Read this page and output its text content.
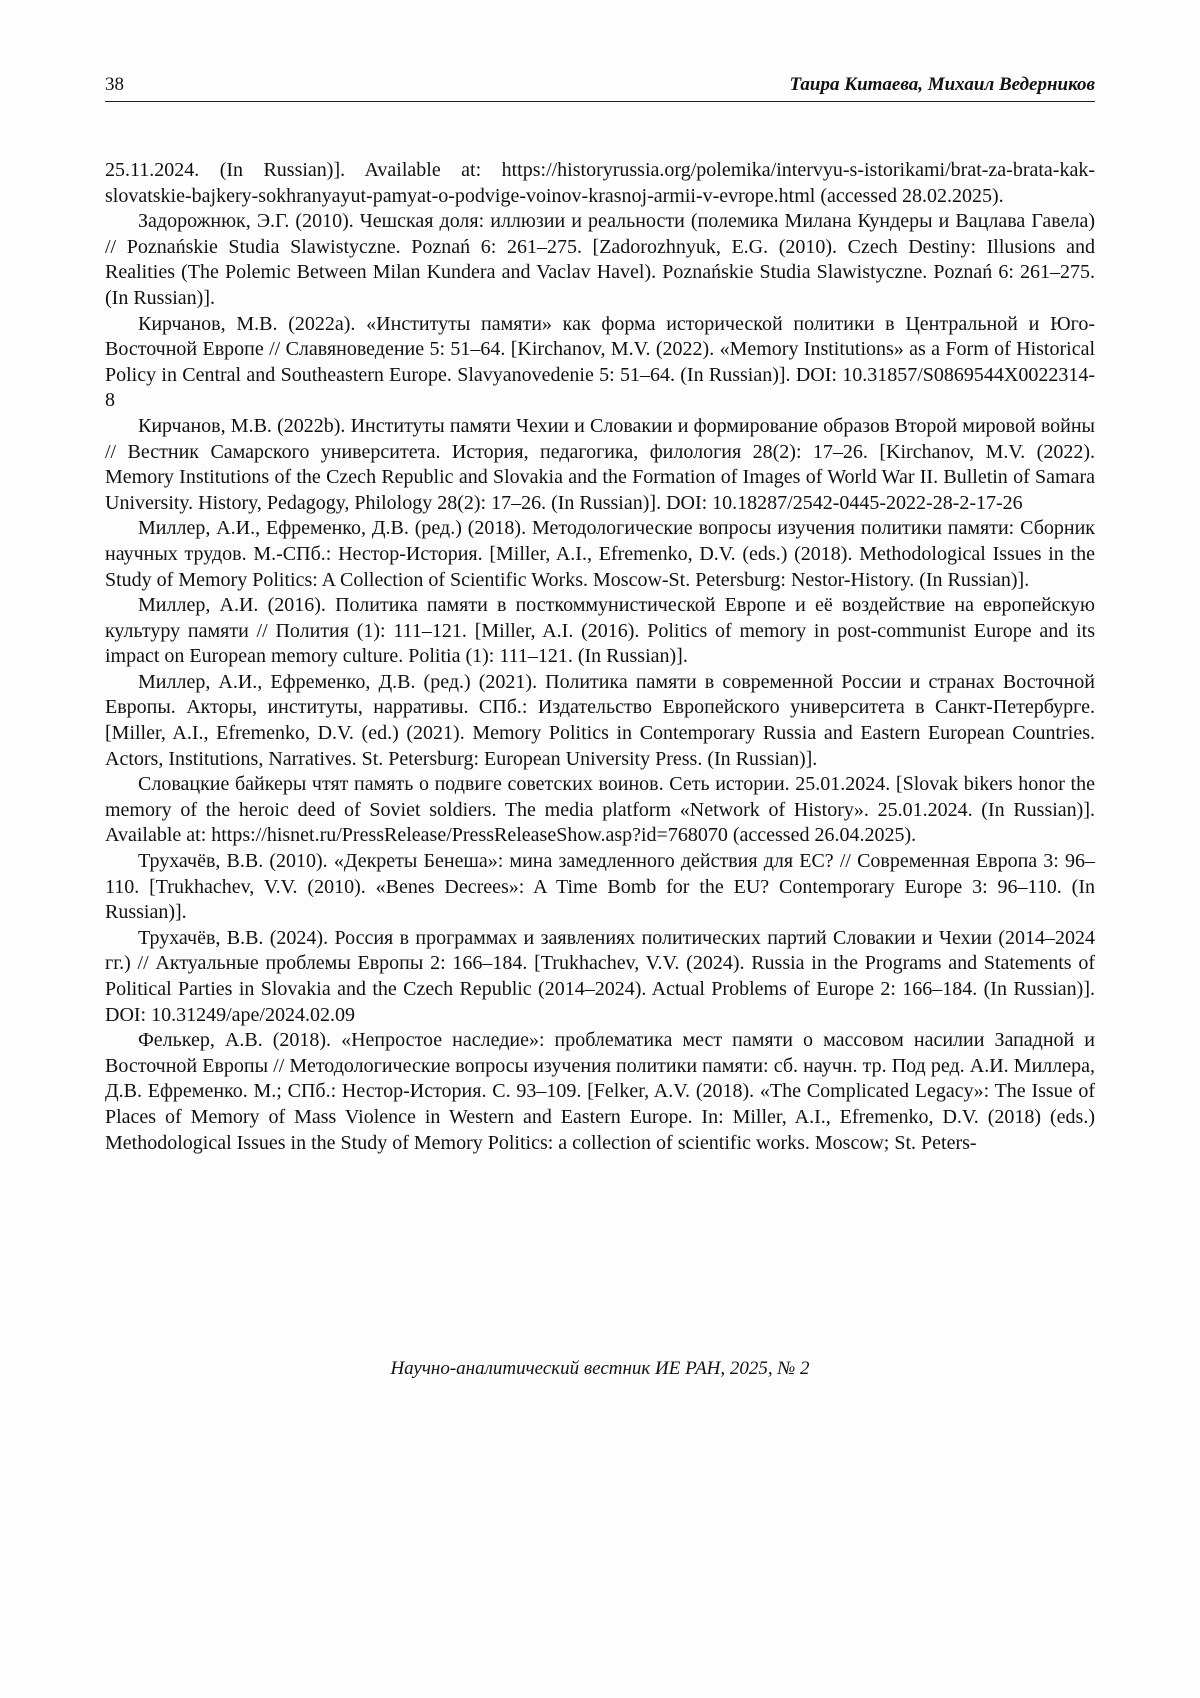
38	Таира Китаева, Михаил Ведерников

25.11.2024. (In Russian)]. Available at: https://historyrussia.org/polemika/intervyu-s-istorikami/brat-za-brata-kak-slovatskie-bajkery-sokhranyayut-pamyat-o-podvige-voinov-krasnoj-armii-v-evrope.html (accessed 28.02.2025).

Задорожнюк, Э.Г. (2010). Чешская доля: иллюзии и реальности (полемика Милана Кундеры и Вацлава Гавела) // Poznańskie Studia Slawistyczne. Poznań 6: 261–275. [Zadorozhnyuk, E.G. (2010). Czech Destiny: Illusions and Realities (The Polemic Between Milan Kundera and Vaclav Havel). Poznańskie Studia Slawistyczne. Poznań 6: 261–275. (In Russian)].

Кирчанов, М.В. (2022a). «Институты памяти» как форма исторической политики в Центральной и Юго-Восточной Европе // Славяноведение 5: 51–64. [Kirchanov, M.V. (2022). «Memory Institutions» as a Form of Historical Policy in Central and Southeastern Europe. Slavyanovedenie 5: 51–64. (In Russian)]. DOI: 10.31857/S0869544X0022314-8

Кирчанов, М.В. (2022b). Институты памяти Чехии и Словакии и формирование образов Второй мировой войны // Вестник Самарского университета. История, педагогика, филология 28(2): 17–26. [Kirchanov, M.V. (2022). Memory Institutions of the Czech Republic and Slovakia and the Formation of Images of World War II. Bulletin of Samara University. History, Pedagogy, Philology 28(2): 17–26. (In Russian)]. DOI: 10.18287/2542-0445-2022-28-2-17-26

Миллер, А.И., Ефременко, Д.В. (ред.) (2018). Методологические вопросы изучения политики памяти: Сборник научных трудов. М.-СПб.: Нестор-История. [Miller, A.I., Efremenko, D.V. (eds.) (2018). Methodological Issues in the Study of Memory Politics: A Collection of Scientific Works. Moscow-St. Petersburg: Nestor-History. (In Russian)].

Миллер, А.И. (2016). Политика памяти в посткоммунистической Европе и её воздействие на европейскую культуру памяти // Полития (1): 111–121. [Miller, A.I. (2016). Politics of memory in post-communist Europe and its impact on European memory culture. Politia (1): 111–121. (In Russian)].

Миллер, А.И., Ефременко, Д.В. (ред.) (2021). Политика памяти в современной России и странах Восточной Европы. Акторы, институты, нарративы. СПб.: Издательство Европейского университета в Санкт-Петербурге. [Miller, A.I., Efremenko, D.V. (ed.) (2021). Memory Politics in Contemporary Russia and Eastern European Countries. Actors, Institutions, Narratives. St. Petersburg: European University Press. (In Russian)].

Словацкие байкеры чтят память о подвиге советских воинов. Сеть истории. 25.01.2024. [Slovak bikers honor the memory of the heroic deed of Soviet soldiers. The media platform «Network of History». 25.01.2024. (In Russian)]. Available at: https://hisnet.ru/PressRelease/PressReleaseShow.asp?id=768070 (accessed 26.04.2025).

Трухачёв, В.В. (2010). «Декреты Бенеша»: мина замедленного действия для ЕС? // Современная Европа 3: 96–110. [Trukhachev, V.V. (2010). «Benes Decrees»: A Time Bomb for the EU? Contemporary Europe 3: 96–110. (In Russian)].

Трухачёв, В.В. (2024). Россия в программах и заявлениях политических партий Словакии и Чехии (2014–2024 гг.) // Актуальные проблемы Европы 2: 166–184. [Trukhachev, V.V. (2024). Russia in the Programs and Statements of Political Parties in Slovakia and the Czech Republic (2014–2024). Actual Problems of Europe 2: 166–184. (In Russian)]. DOI: 10.31249/ape/2024.02.09

Фелькер, А.В. (2018). «Непростое наследие»: проблематика мест памяти о массовом насилии Западной и Восточной Европы // Методологические вопросы изучения политики памяти: сб. научн. тр. Под ред. А.И. Миллера, Д.В. Ефременко. М.; СПб.: Нестор-История. С. 93–109. [Felker, A.V. (2018). «The Complicated Legacy»: The Issue of Places of Memory of Mass Violence in Western and Eastern Europe. In: Miller, A.I., Efremenko, D.V. (2018) (eds.) Methodological Issues in the Study of Memory Politics: a collection of scientific works. Moscow; St. Peters-

Научно-аналитический вестник ИЕ РАН, 2025, № 2
